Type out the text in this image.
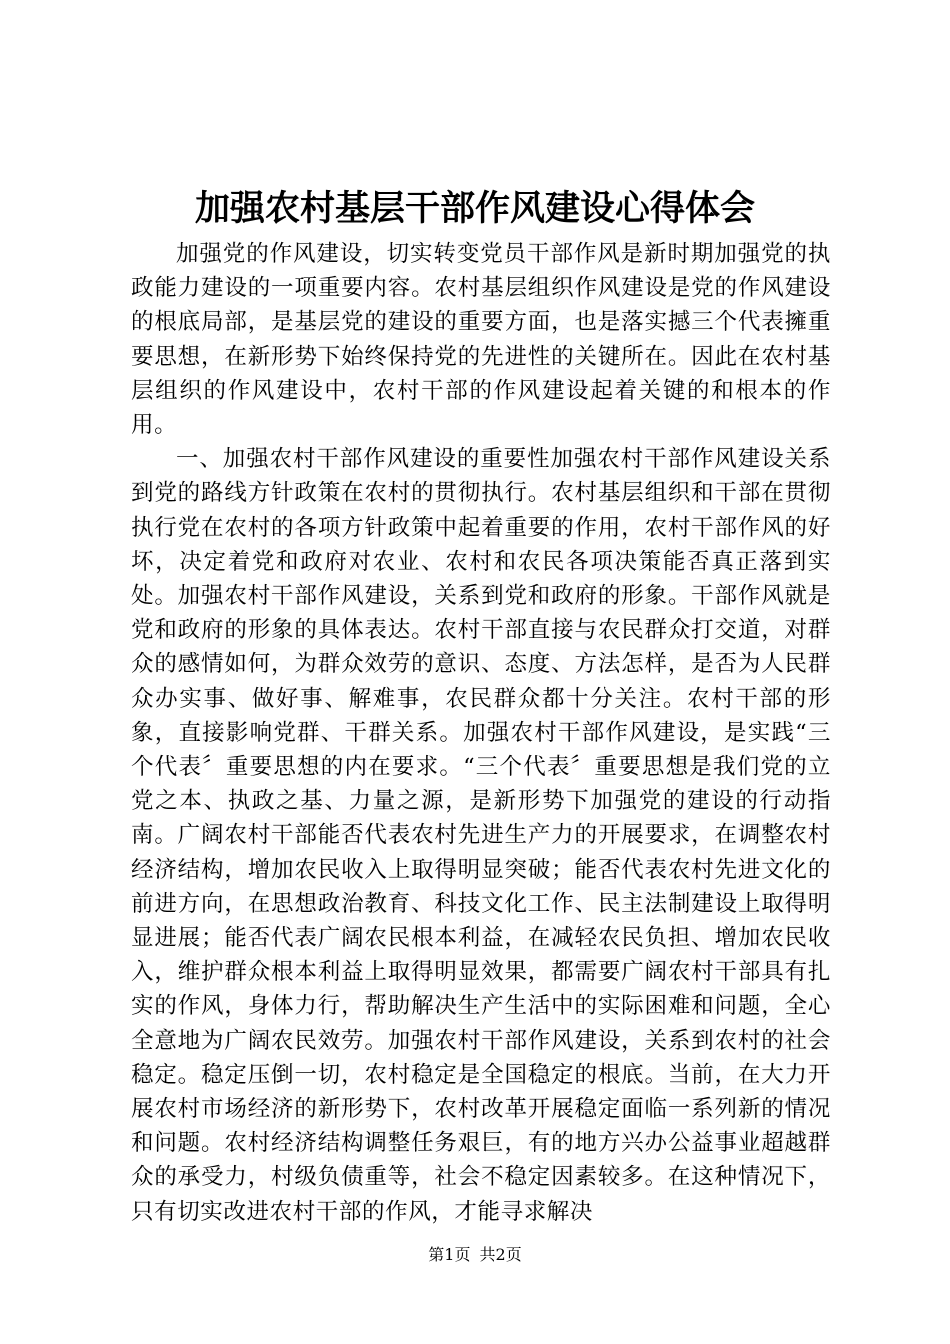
加强农村基层干部作风建设心得体会

加强党的作风建设，切实转变党员干部作风是新时期加强党的执政能力建设的一项重要内容。农村基层组织作风建设是党的作风建设的根底局部，是基层党的建设的重要方面，也是落实撼三个代表擁重要思想，在新形势下始终保持党的先进性的关键所在。因此在农村基层组织的作风建设中，农村干部的作风建设起着关键的和根本的作用。

一、加强农村干部作风建设的重要性加强农村干部作风建设关系到党的路线方针政策在农村的贯彻执行。农村基层组织和干部在贯彻执行党在农村的各项方针政策中起着重要的作用，农村干部作风的好坏，决定着党和政府对农业、农村和农民各项决策能否真正落到实处。加强农村干部作风建设，关系到党和政府的形象。干部作风就是党和政府的形象的具体表达。农村干部直接与农民群众打交道，对群众的感情如何，为群众效劳的意识、态度、方法怎样，是否为人民群众办实事、做好事、解难事，农民群众都十分关注。农村干部的形象，直接影响党群、干群关系。加强农村干部作风建设，是实践“三个代表〞重要思想的内在要求。“三个代表〞重要思想是我们党的立党之本、执政之基、力量之源，是新形势下加强党的建设的行动指南。广阔农村干部能否代表农村先进生产力的开展要求，在调整农村经济结构，增加农民收入上取得明显突破；能否代表农村先进文化的前进方向，在思想政治教育、科技文化工作、民主法制建设上取得明显进展；能否代表广阔农民根本利益，在减轻农民负担、增加农民收入，维护群众根本利益上取得明显效果，都需要广阔农村干部具有扎实的作风，身体力行，帮助解决生产生活中的实际困难和问题，全心全意地为广阔农民效劳。加强农村干部作风建设，关系到农村的社会稳定。稳定压倒一切，农村稳定是全国稳定的根底。当前，在大力开展农村市场经济的新形势下，农村改革开展稳定面临一系列新的情况和问题。农村经济结构调整任务艰巨，有的地方兴办公益事业超越群众的承受力，村级负债重等，社会不稳定因素较多。在这种情况下，只有切实改进农村干部的作风，才能寻求解决

第1页 共2页
